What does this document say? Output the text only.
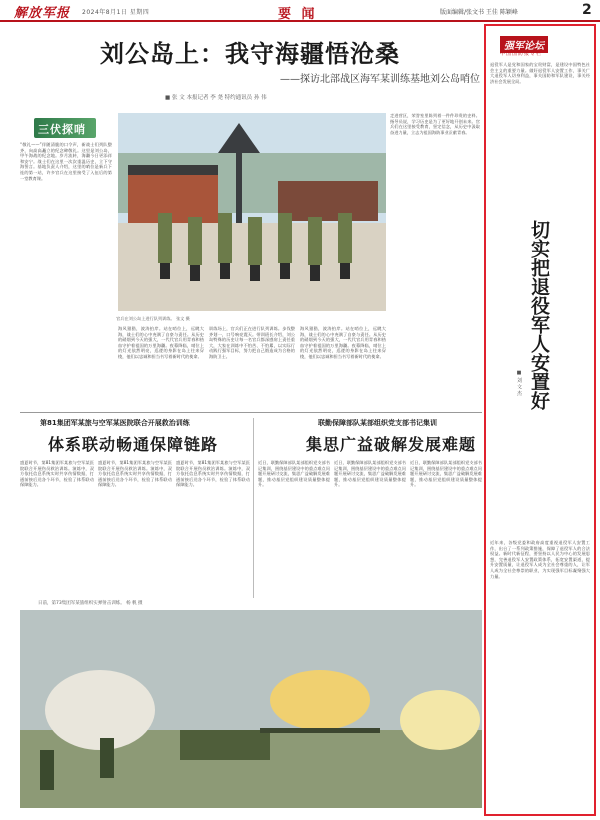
解放军报 2024年8月1日 星期四	要 闻	版面编辑/张文书 王佳 陈颖峰	2
刘公岛上：我守海疆悟沧桑
——探访北部战区海军某训练基地刘公岛哨位
■ 张 文 本报记者 李 尧 特约通讯员 孙 伟
三伏探哨
“敬礼——”伴随清脆的口令声，新战士们列队整齐，向高高矗立的纪念碑敬礼。这里是刘公岛，甲午海战的纪念地。岁月流转，海疆今日更添祥和安宁。战士们在这里一次次重温历史，立下守海誓言。基地负责人介绍，这里的哨位是新兵下连的第一站，许多官兵在这里接受了入伍后的第一堂教育课。
走进营区，荣誉室里陈列着一件件珍贵的史料。指导员说，学习历史是为了更好地开创未来。官兵们在这里接受教育，坚定信念，从历史中汲取奋进力量，立志为祖国海防事业贡献青春。
海风猎猎，波涛拍岸。站在哨位上，远眺大海，战士们的心中充满了自豪与责任。从历史的硝烟到今天的强大，一代代官兵用青春和热血守护着祖国的万里海疆。夜幕降临，哨位上的灯光依然明亮，巡逻的身影在岛上往来穿梭，他们以忠诚和担当书写着新时代的使命。
训练场上，官兵们正在进行队列训练。步伐整齐划一，口号响亮震天。带训班长介绍，刘公岛特殊的历史让每一名官兵都深感肩上责任重大，大家在训练中不怕苦、不怕累，以实际行动践行强军目标，努力把自己锻造成为合格的海防卫士。
海风猎猎，波涛拍岸。站在哨位上，远眺大海，战士们的心中充满了自豪与责任。从历史的硝烟到今天的强大，一代代官兵用青春和热血守护着祖国的万里海疆。夜幕降临，哨位上的灯光依然明亮，巡逻的身影在岛上往来穿梭，他们以忠诚和担当书写着新时代的使命。
官兵在刘公岛上进行队列训练。 张文 摄
第81集团军某旅与空军某医院联合开展救治训练
体系联动畅通保障链路
盛夏时节，第81集团军某旅与空军某医院联合开展伤员救治训练。演练中，双方依托信息系统实时共享伤情数据，打通前接后送各个环节，检验了体系联动保障能力。
盛夏时节，第81集团军某旅与空军某医院联合开展伤员救治训练。演练中，双方依托信息系统实时共享伤情数据，打通前接后送各个环节，检验了体系联动保障能力。
盛夏时节，第81集团军某旅与空军某医院联合开展伤员救治训练。演练中，双方依托信息系统实时共享伤情数据，打通前接后送各个环节，检验了体系联动保障能力。
联勤保障部队某部组织党支部书记集训
集思广益破解发展难题
近日，联勤保障部队某部组织党支部书记集训，围绕基层建设中的重点难点问题开展研讨交流，集思广益破解发展难题，推动基层党组织建设质量整体提升。
近日，联勤保障部队某部组织党支部书记集训，围绕基层建设中的重点难点问题开展研讨交流，集思广益破解发展难题，推动基层党组织建设质量整体提升。
近日，联勤保障部队某部组织党支部书记集训，围绕基层建设中的重点难点问题开展研讨交流，集思广益破解发展难题，推动基层党组织建设质量整体提升。
日前，第73集团军某旅组织实弹射击训练。 杨 帆 摄
强军论坛
中国国防报专栏
退役军人是党和国家的宝贵财富，是建设中国特色社会主义的重要力量。做好退役军人安置工作，事关广大退役军人切身利益，事关国防和军队建设，事关经济社会发展全局。
切实把退役军人安置好
■ 刘 文 杰
近年来，各级党委和政府高度重视退役军人安置工作，出台了一系列政策措施，保障了退役军人的合法权益。新时代新征程，要坚持以人民为中心的发展思想，完善退役军人安置政策体系，拓宽安置渠道，提升安置质量，让退役军人成为全社会尊重的人，让军人成为全社会尊崇的职业，为实现强军目标凝聚强大力量。
